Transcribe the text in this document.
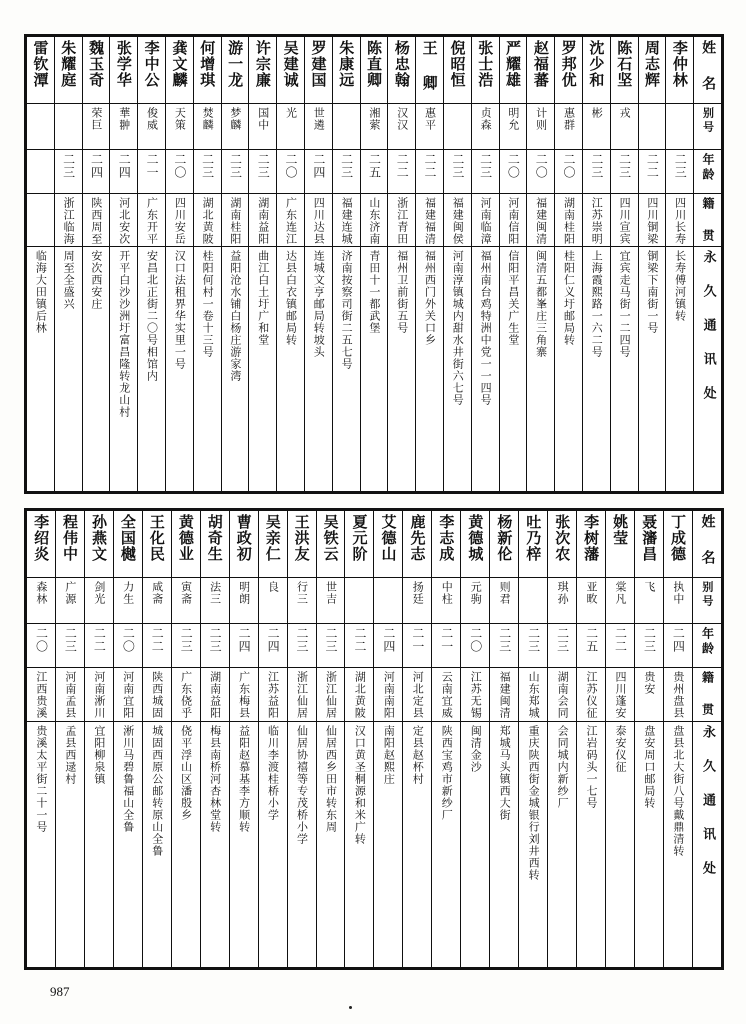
雷钦潭	朱耀庭	魏玉奇	张学华	李中公	龚文麟	何增琪	游一龙	许宗廉	吴建诚	罗建国	朱康远	陈直卿	杨忠翰	王 卿	倪昭恒	张士浩	严耀雄	赵福蕃	罗邦优	沈少和	陈石坚	周志辉	李仲林	姓 名

		荣巨	華翀	俊威	天策	焚麟	梦麟	国中	光	世遴		湘萦	汉汉	惠平		贞森	明允	计则	惠群	彬	戎			别号

	二三	二四	二四	二一	二〇	二三	二三	二三	二〇	二四	二三	二五	二二	二二	二三	二三	二〇	二〇	二〇	二三	二三	二二	二三	年龄

	浙江临海	陕西周至	河北安次	广东开平	四川安岳	湖北黄陂	湖南桂阳	湖南益阳	广东连江	四川达县	福建连城	山东济南	浙江青田	福建福清	福建闽侯	河南临漳	河南信阳	福建闽清	湖南桂阳	江苏崇明	四川宣宾	四川铜梁	四川长寿	籍 贯

临海大田镇后林	周至全盛兴	安次西安庄	开平白沙沙洲圩富昌隆转龙山村	安昌北正街二〇号相馆内	汉口法租界华实里一号	桂阳何村一卷十三号	益阳沧水铺白杨庄游家湾	曲江白土圩广和堂	达县白衣镇邮局转	连城文亨邮局转坡头	济南按察司街二五七号	青田十一都武堡	福州卫前街五号	福州西门外关口乡	河南淳镇城内甜水井街六七号	福州南台鸡特洲中党一一四号	信阳平昌关广生堂	闽清五都峯庄三角寨	桂阳仁义圩邮局转	上海霞熙路一六二号	宜宾走马街一二四号	铜梁下南街一号	长寿傅河镇转	永 久 通 讯 处
李绍炎	程伟中	孙燕文	全国樾	王化民	黄德业	胡奇生	曹政初	吴亲仁	王洪友	吴铁云	夏元阶	艾德山	鹿先志	李志成	黄德城	杨新伦	吐乃梓	张次农	李树藩	姚莹	聂瀋昌	丁成德	姓 名

森林	广源	剑光	力生	咸斋	寅斋	法三	明朗	良	行三	世吉			扬廷	中柱	元驹	则君		琪孙	亚畋	棠凡	飞	执中	别号

二〇	二三	二二	二〇	二二	二三	二三	二四	二四	二三	二三	二二	二四	二一	二一	二〇	二三	二三	二三	二五	二二	二三	二四	年龄

江西贵溪	河南孟县	河南淅川	河南宜阳	陕西城固	广东侥乎	湖南益阳	广东梅县	江苏益阳	浙江仙居	浙江仙居	湖北黄陂	河南南阳	河北定县	云南宜威	江苏无锡	福建闽清	山东郑城	湖南会同	江苏仪征	四川蓬安	贵安	贵州盘县	籍 贯

贵溪太平街二十一号	孟县西逯村	宜阳柳泉镇	淅川马碧鲁福山全鲁	城固西原公邮转原山全鲁	侥平浮山区潘殷乡	梅县南桥河杏林堂转	益阳赵慕基李方顺转	临川李渡桂桥小学	仙居协禧等专茂桥小学	仙居西乡田市转东周	汉口黄圣桐源和米广转	南阳赵熙庄	定县赵杯村	陕西宝鸡市新纱厂	闽清金沙	郑城马头镇西大街	重庆陕西街金城银行刘井西转	会同城内新纱厂	江岩码头一七号	泰安仪征	盘安周口邮局转	盘县北大街八号戴鼎清转	永 久 通 讯 处
987
